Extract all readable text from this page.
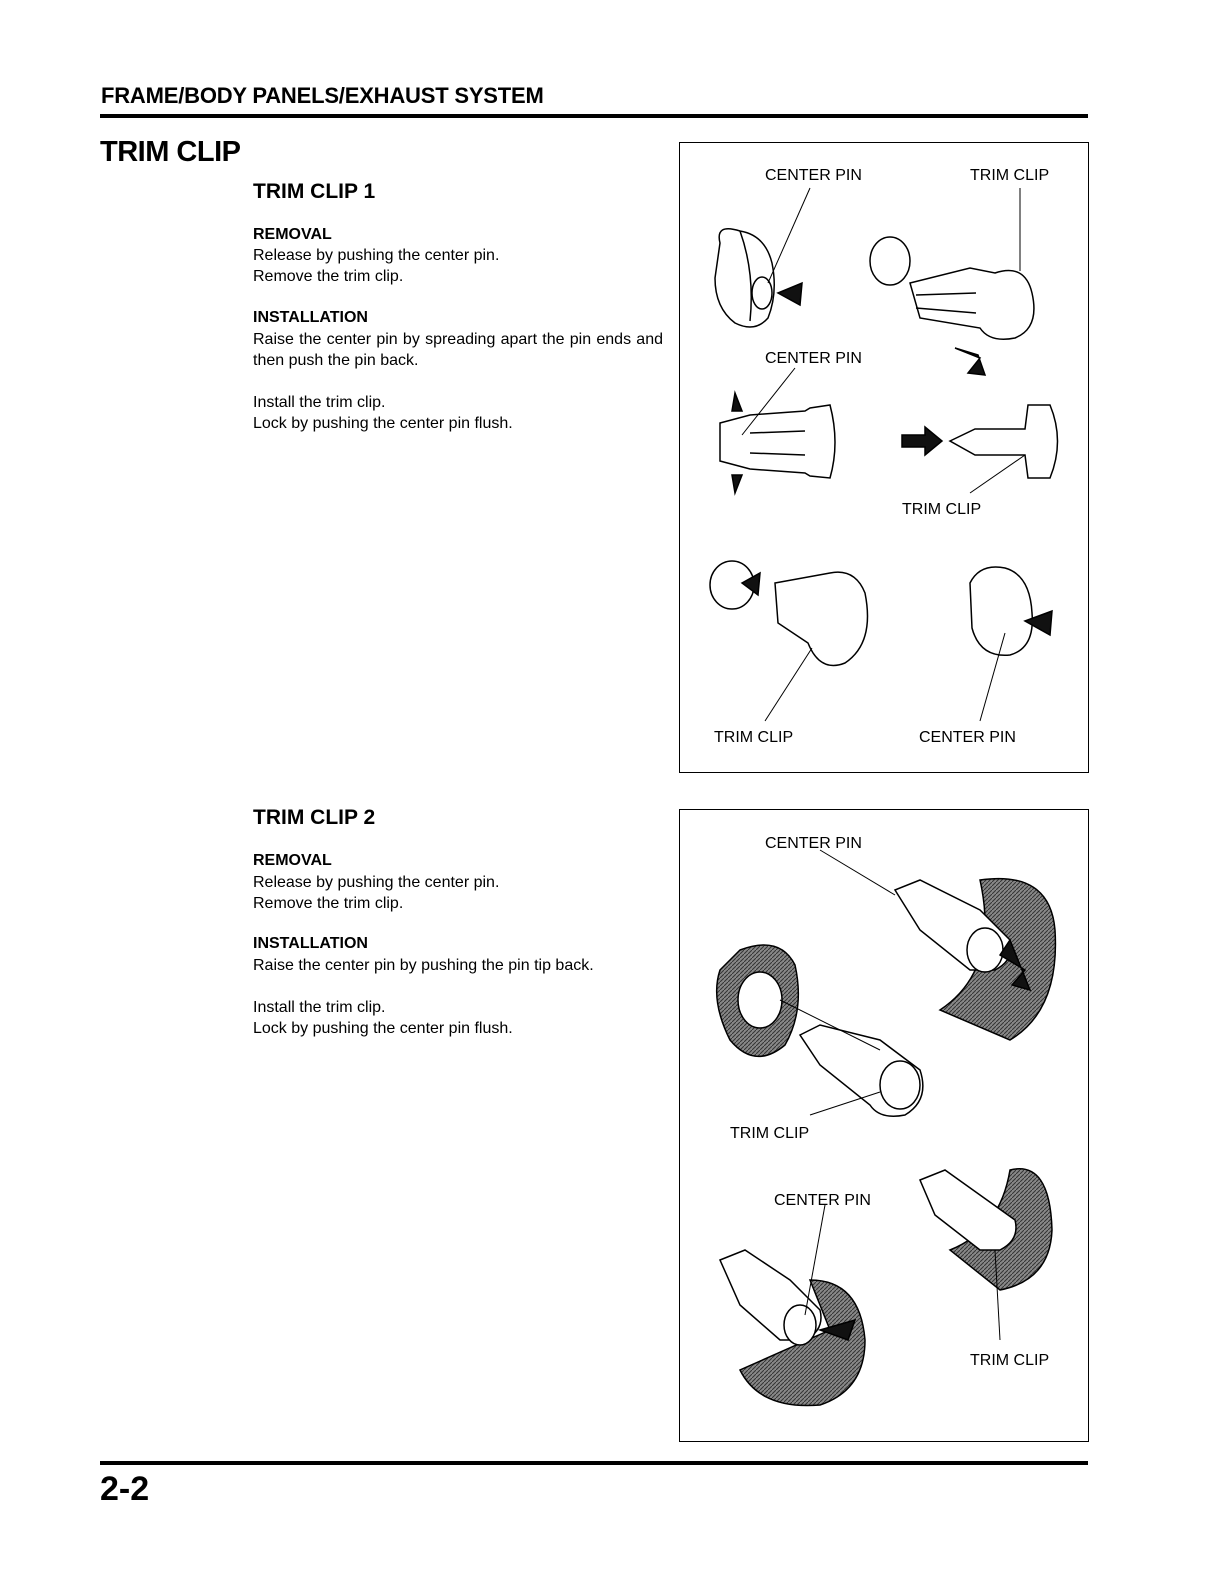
FRAME/BODY PANELS/EXHAUST SYSTEM
TRIM CLIP
TRIM CLIP 1
REMOVAL

Release by pushing the center pin.

Remove the trim clip.

INSTALLATION
Raise the center pin by spreading apart the pin ends and then push the pin back.

Install the trim clip.

Lock by pushing the center pin flush.

CENTER PIN	TRIM CLIP
CENTER PIN
TRIM CLIP
TRIM CLIP	CENTER PIN
TRIM CLIP 2
REMOVAL

Release by pushing the center pin.

Remove the trim clip.

INSTALLATION
Raise the center pin by pushing the pin tip back.

Install the trim clip.

Lock by pushing the center pin flush.

CENTER PIN
TRIM CLIP
CENTER PIN
TRIM CLIP
2-2
